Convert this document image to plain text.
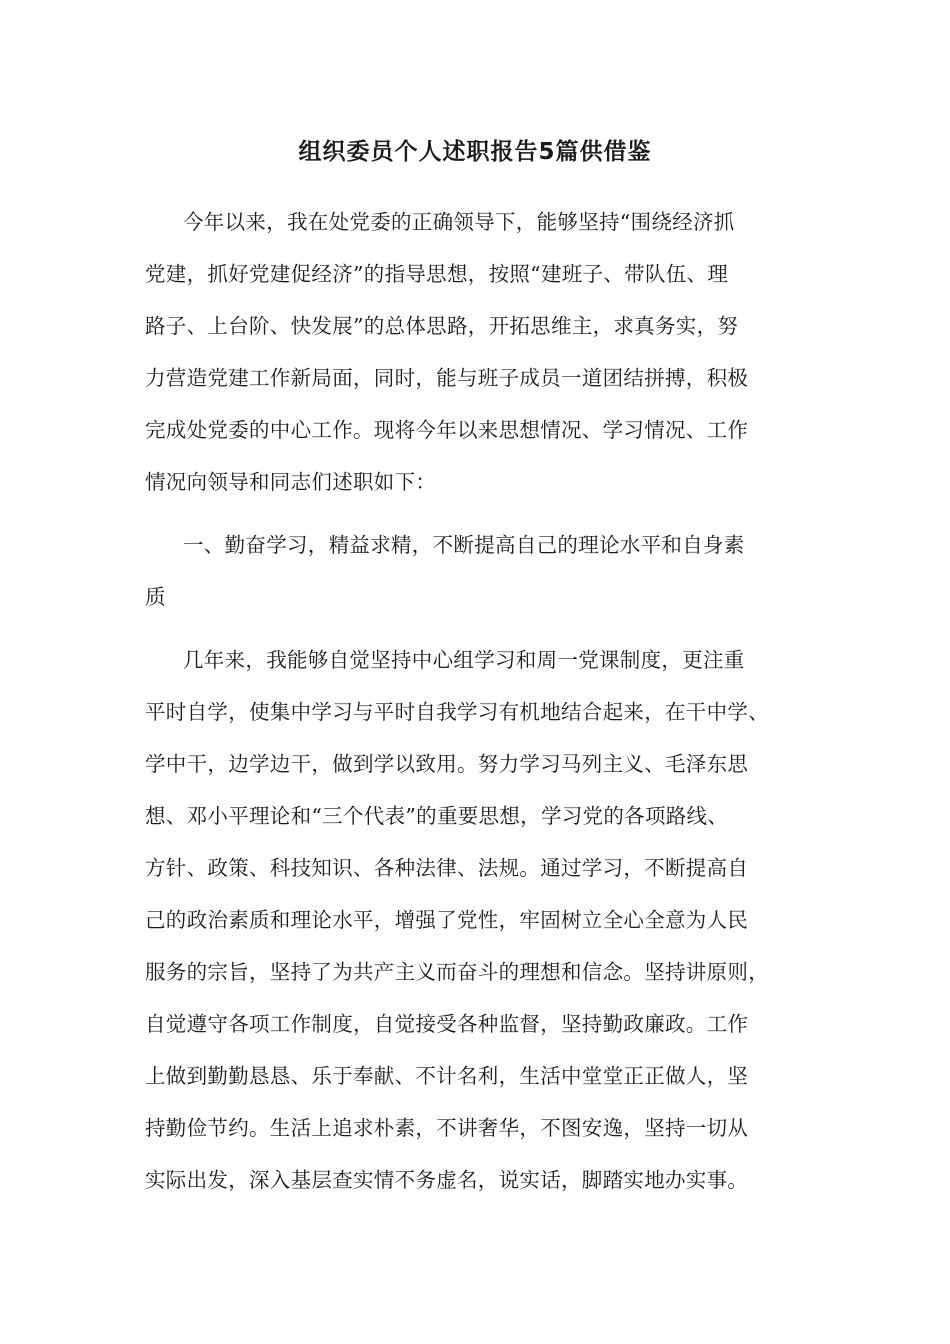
组织委员个人述职报告5篇供借鉴
今年以来，我在处党委的正确领导下，能够坚持“围绕经济抓
党建，抓好党建促经济”的指导思想，按照“建班子、带队伍、理
路子、上台阶、快发展”的总体思路，开拓思维主，求真务实，努
力营造党建工作新局面，同时，能与班子成员一道团结拼搏，积极
完成处党委的中心工作。现将今年以来思想情况、学习情况、工作
情况向领导和同志们述职如下：
一、勤奋学习，精益求精，不断提高自己的理论水平和自身素
质
几年来，我能够自觉坚持中心组学习和周一党课制度，更注重
平时自学，使集中学习与平时自我学习有机地结合起来，在干中学、
学中干，边学边干，做到学以致用。努力学习马列主义、毛泽东思
想、邓小平理论和“三个代表”的重要思想，学习党的各项路线、
方针、政策、科技知识、各种法律、法规。通过学习，不断提高自
己的政治素质和理论水平，增强了党性，牢固树立全心全意为人民
服务的宗旨，坚持了为共产主义而奋斗的理想和信念。坚持讲原则，
自觉遵守各项工作制度，自觉接受各种监督，坚持勤政廉政。工作
上做到勤勤恳恳、乐于奉献、不计名利，生活中堂堂正正做人，坚
持勤俭节约。生活上追求朴素，不讲奢华，不图安逸，坚持一切从
实际出发，深入基层查实情不务虚名，说实话，脚踏实地办实事。
